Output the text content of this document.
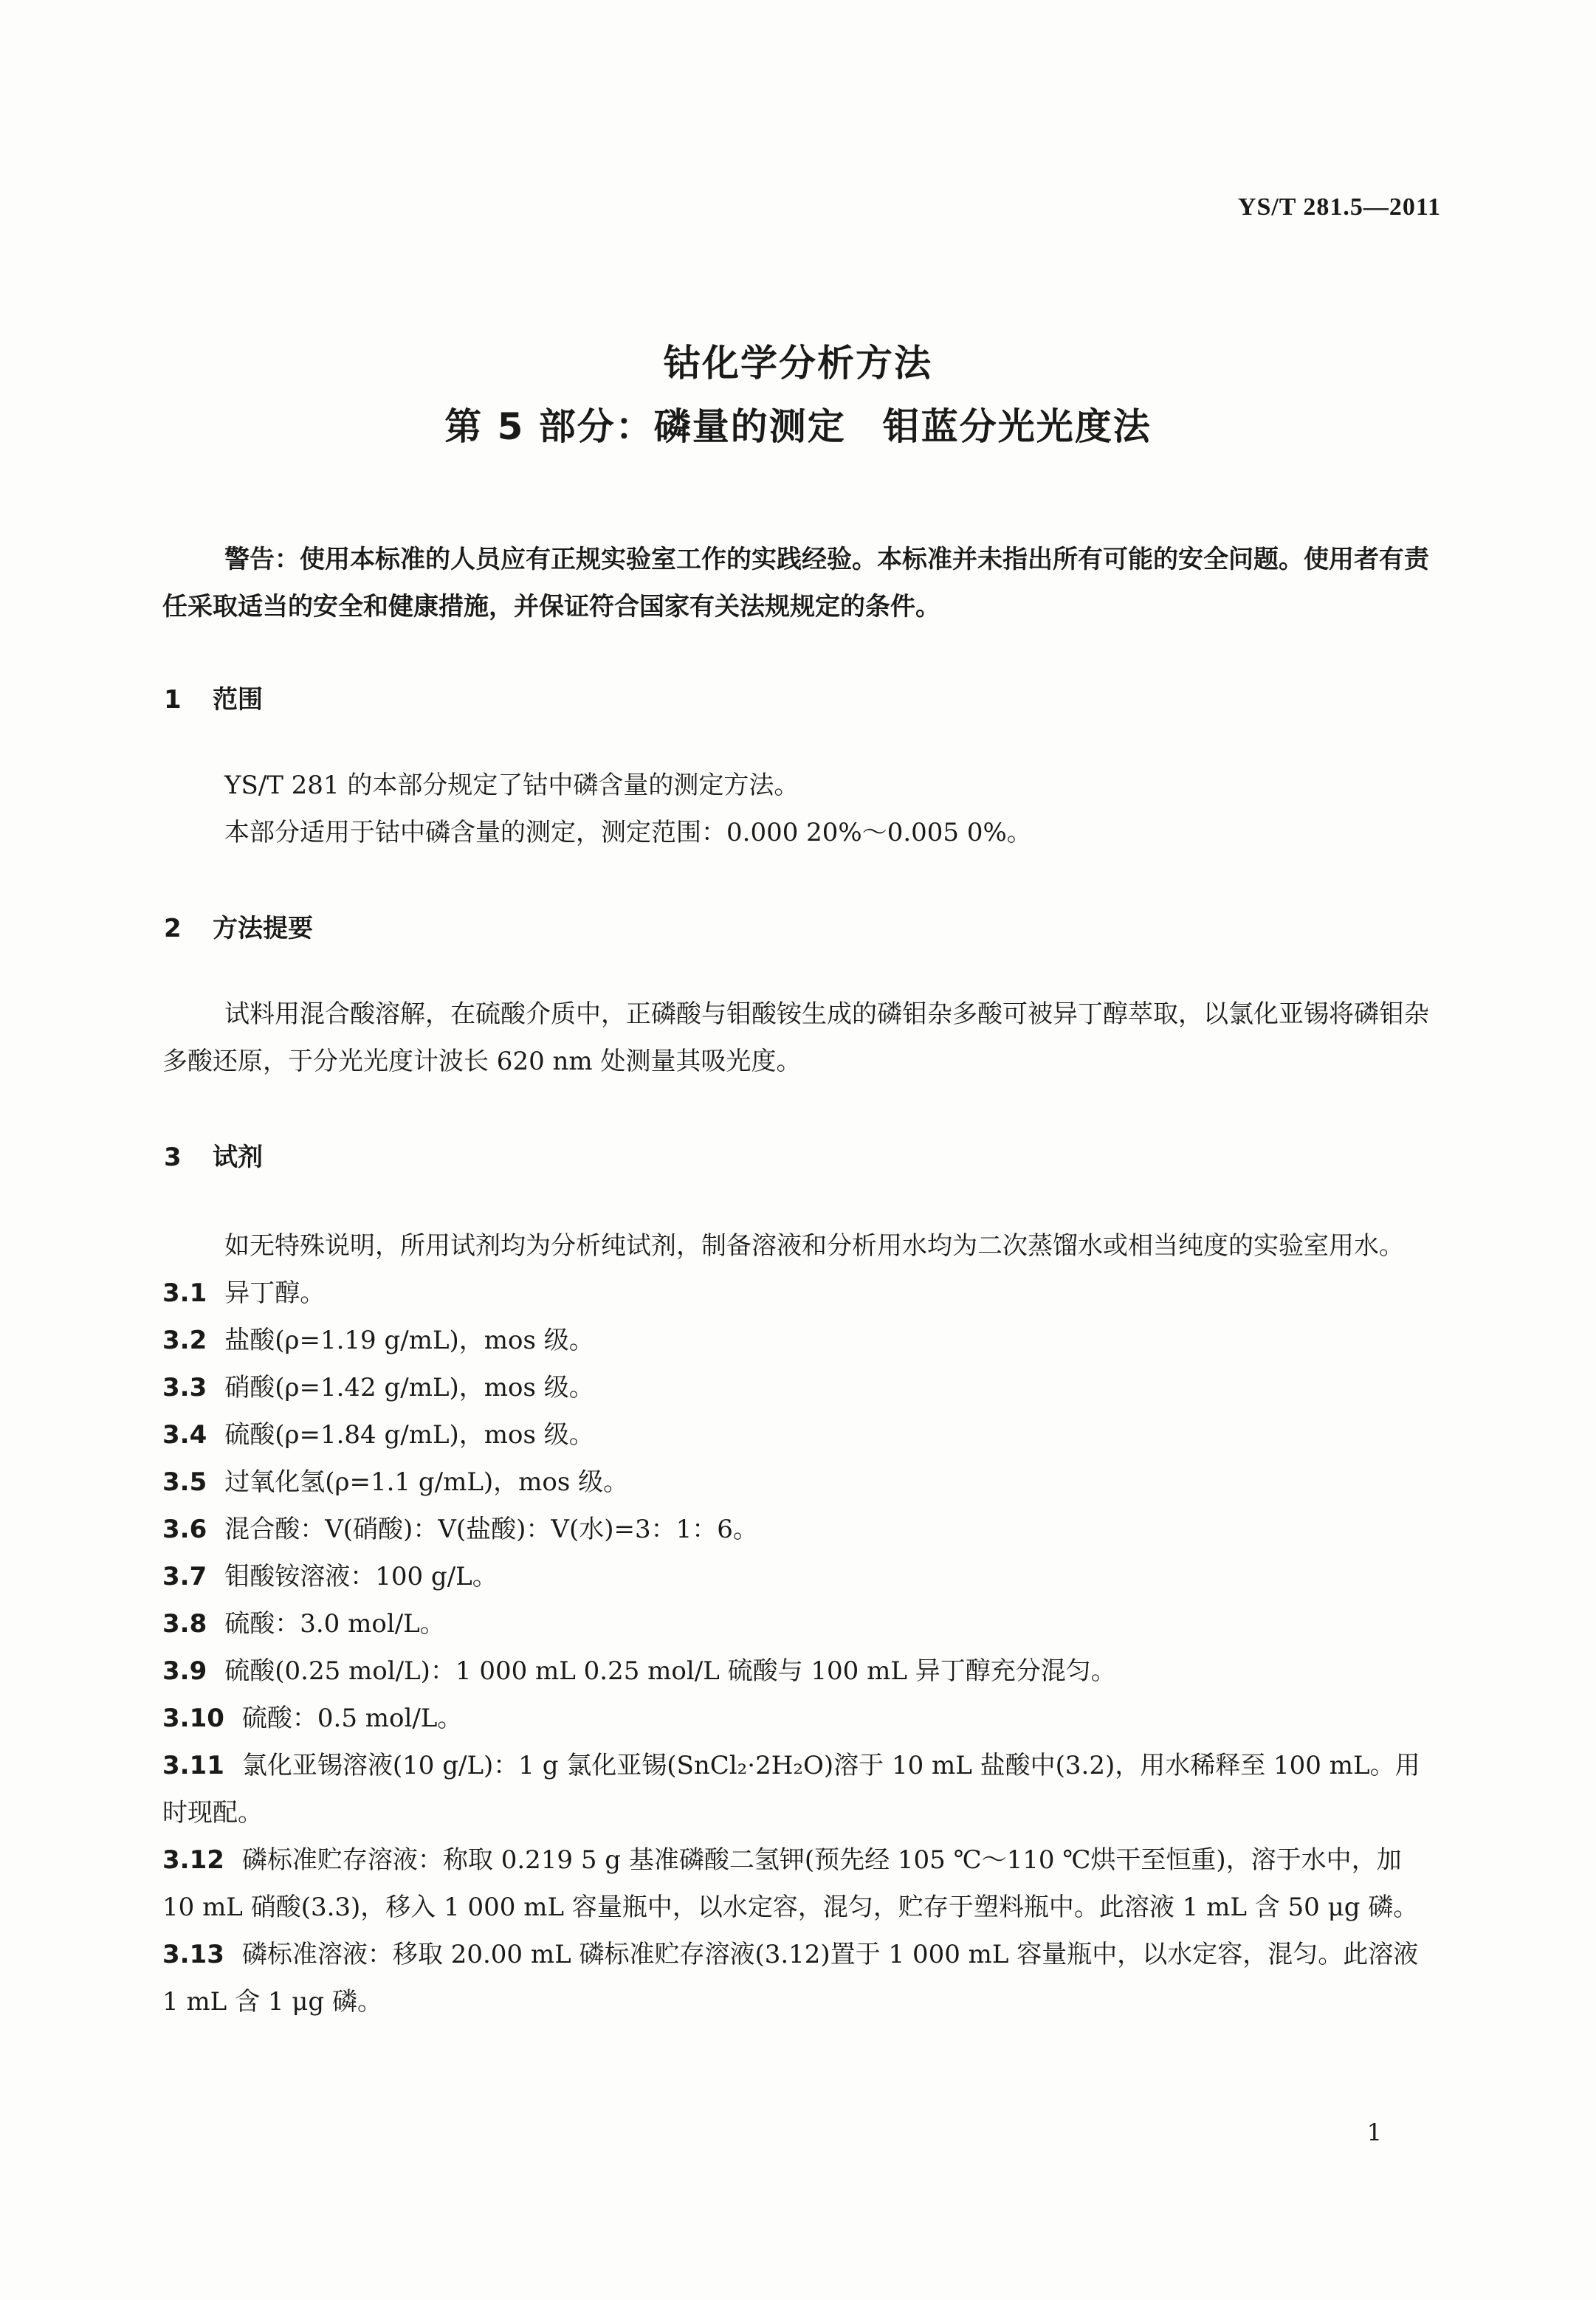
YS/T 281.5—2011
钴化学分析方法
第 5 部分：磷量的测定 钼蓝分光光度法
警告：使用本标准的人员应有正规实验室工作的实践经验。本标准并未指出所有可能的安全问题。使用者有责任采取适当的安全和健康措施，并保证符合国家有关法规规定的条件。
1 范围

YS/T 281 的本部分规定了钴中磷含量的测定方法。

本部分适用于钴中磷含量的测定，测定范围：0.000 20%～0.005 0%。

2 方法提要
试料用混合酸溶解，在硫酸介质中，正磷酸与钼酸铵生成的磷钼杂多酸可被异丁醇萃取，以氯化亚锡将磷钼杂多酸还原，于分光光度计波长 620 nm 处测量其吸光度。
3 试剂

如无特殊说明，所用试剂均为分析纯试剂，制备溶液和分析用水均为二次蒸馏水或相当纯度的实验室用水。

3.1 异丁醇。

3.2 盐酸(ρ=1.19 g/mL)，mos 级。

3.3 硝酸(ρ=1.42 g/mL)，mos 级。

3.4 硫酸(ρ=1.84 g/mL)，mos 级。

3.5 过氧化氢(ρ=1.1 g/mL)，mos 级。

3.6 混合酸：V(硝酸)：V(盐酸)：V(水)=3：1：6。

3.7 钼酸铵溶液：100 g/L。

3.8 硫酸：3.0 mol/L。

3.9 硫酸(0.25 mol/L)：1 000 mL 0.25 mol/L 硫酸与 100 mL 异丁醇充分混匀。

3.10 硫酸：0.5 mol/L。

3.11 氯化亚锡溶液(10 g/L)：1 g 氯化亚锡(SnCl₂·2H₂O)溶于 10 mL 盐酸中(3.2)，用水稀释至 100 mL。用时现配。

3.12 磷标准贮存溶液：称取 0.219 5 g 基准磷酸二氢钾(预先经 105 ℃～110 ℃烘干至恒重)，溶于水中，加 10 mL 硝酸(3.3)，移入 1 000 mL 容量瓶中，以水定容，混匀，贮存于塑料瓶中。此溶液 1 mL 含 50 μg 磷。

3.13 磷标准溶液：移取 20.00 mL 磷标准贮存溶液(3.12)置于 1 000 mL 容量瓶中，以水定容，混匀。此溶液 1 mL 含 1 μg 磷。

1
